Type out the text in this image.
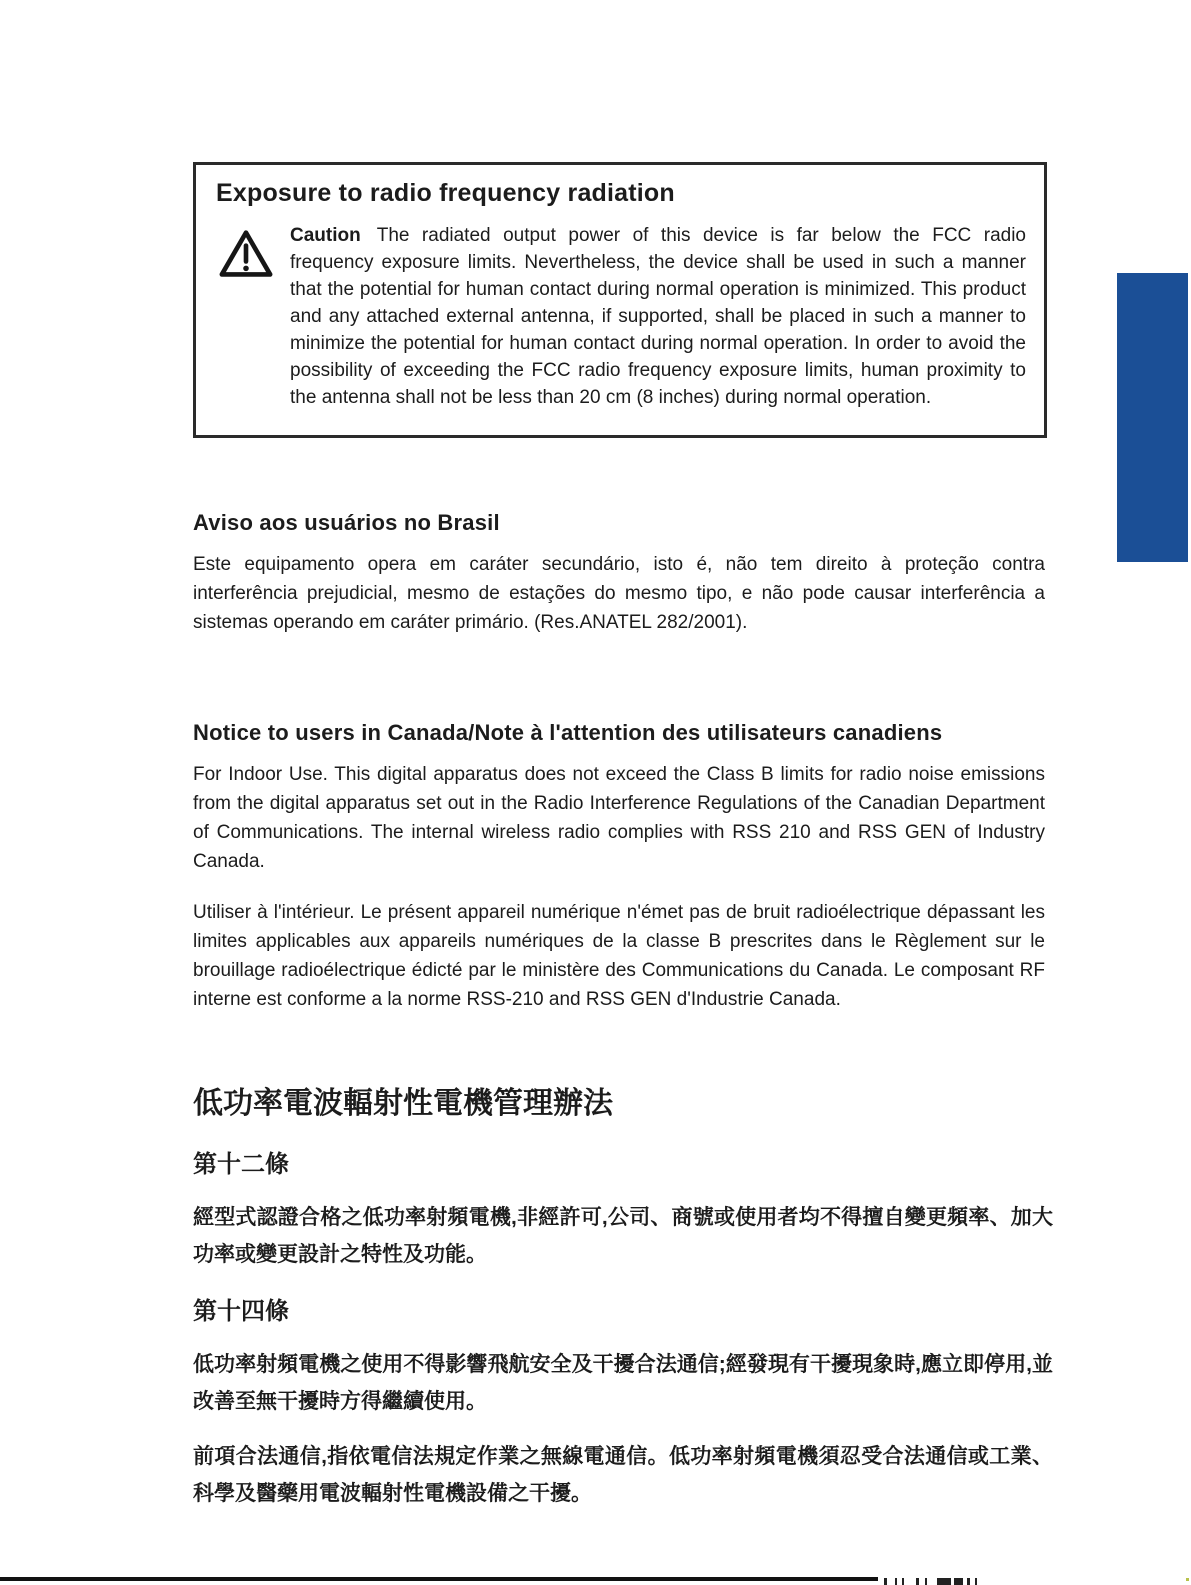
Exposure to radio frequency radiation
Caution The radiated output power of this device is far below the FCC radio frequency exposure limits. Nevertheless, the device shall be used in such a manner that the potential for human contact during normal operation is minimized. This product and any attached external antenna, if supported, shall be placed in such a manner to minimize the potential for human contact during normal operation. In order to avoid the possibility of exceeding the FCC radio frequency exposure limits, human proximity to the antenna shall not be less than 20 cm (8 inches) during normal operation.
Aviso aos usuários no Brasil

Este equipamento opera em caráter secundário, isto é, não tem direito à proteção contra interferência prejudicial, mesmo de estações do mesmo tipo, e não pode causar interferência a sistemas operando em caráter primário. (Res.ANATEL 282/2001).

Notice to users in Canada/Note à l'attention des utilisateurs canadiens

For Indoor Use. This digital apparatus does not exceed the Class B limits for radio noise emissions from the digital apparatus set out in the Radio Interference Regulations of the Canadian Department of Communications. The internal wireless radio complies with RSS 210 and RSS GEN of Industry Canada.

Utiliser à l'intérieur. Le présent appareil numérique n'émet pas de bruit radioélectrique dépassant les limites applicables aux appareils numériques de la classe B prescrites dans le Règlement sur le brouillage radioélectrique édicté par le ministère des Communications du Canada. Le composant RF interne est conforme a la norme RSS-210 and RSS GEN d'Industrie Canada.

低功率電波輻射性電機管理辦法
第十二條

經型式認證合格之低功率射頻電機,非經許可,公司、商號或使用者均不得擅自變更頻率、加大功率或變更設計之特性及功能。

第十四條

低功率射頻電機之使用不得影響飛航安全及干擾合法通信;經發現有干擾現象時,應立即停用,並改善至無干擾時方得繼續使用。

前項合法通信,指依電信法規定作業之無線電通信。低功率射頻電機須忍受合法通信或工業、科學及醫藥用電波輻射性電機設備之干擾。
